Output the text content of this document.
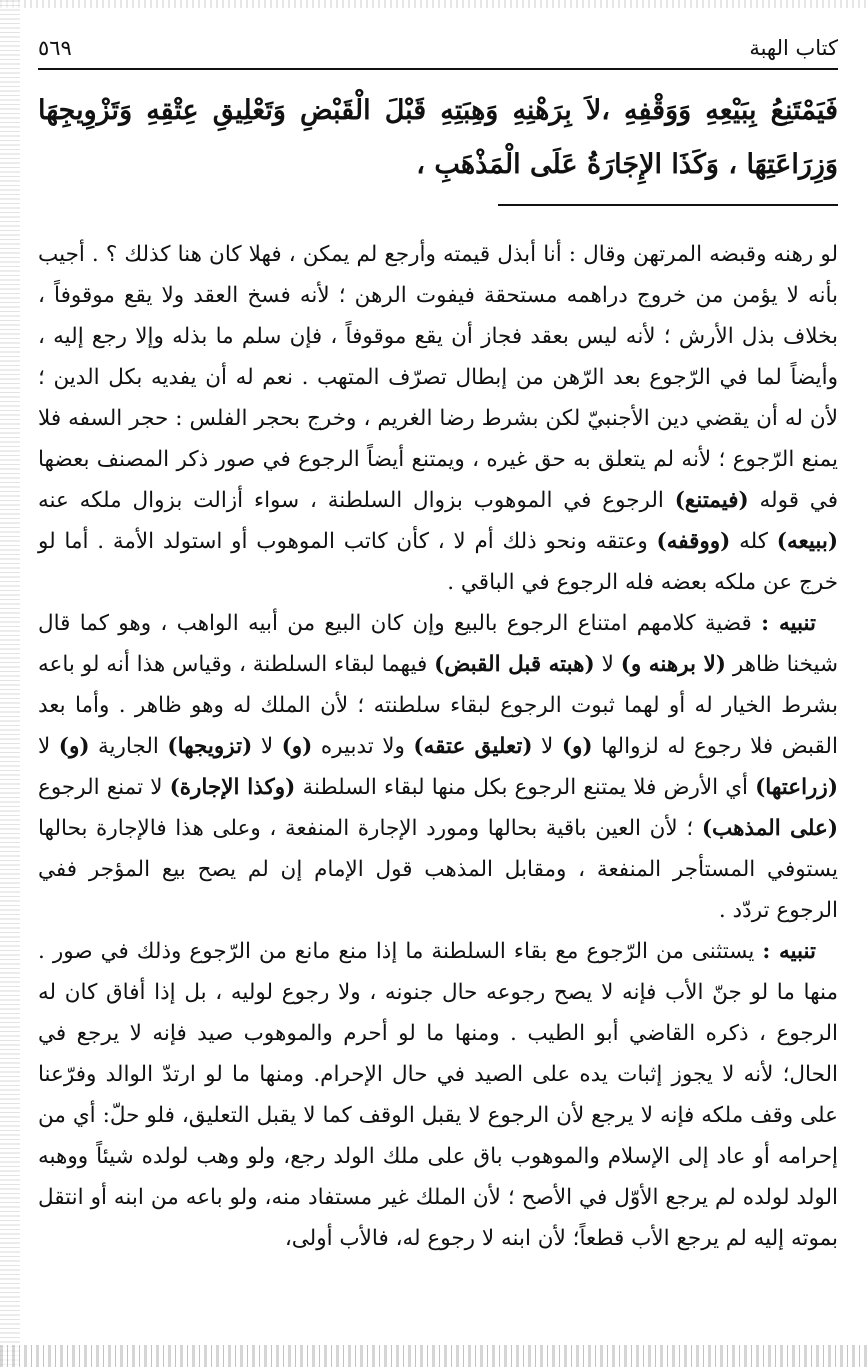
كتاب الهبة
٥٦٩
فَيَمْتَنِعُ بِبَيْعِهِ وَوَقْفِهِ ،لاَ بِرَهْنِهِ وَهِبَتِهِ قَبْلَ الْقَبْضِ وَتَعْلِيقِ عِتْقِهِ وَتَزْوِيجِهَا وَزِرَاعَتِهَا ، وَكَذَا الإِجَارَةُ عَلَى الْمَذْهَبِ ،

لو رهنه وقبضه المرتهن وقال : أنا أبذل قيمته وأرجع لم يمكن ، فهلا كان هنا كذلك ؟ . أجيب بأنه لا يؤمن من خروج دراهمه مستحقة فيفوت الرهن ؛ لأنه فسخ العقد ولا يقع موقوفاً ، بخلاف بذل الأرش ؛ لأنه ليس بعقد فجاز أن يقع موقوفاً ، فإن سلم ما بذله وإلا رجع إليه ، وأيضاً لما في الرّجوع بعد الرّهن من إبطال تصرّف المتهب . نعم له أن يفديه بكل الدين ؛ لأن له أن يقضي دين الأجنبيّ لكن بشرط رضا الغريم ، وخرج بحجر الفلس : حجر السفه فلا يمنع الرّجوع ؛ لأنه لم يتعلق به حق غيره ، ويمتنع أيضاً الرجوع في صور ذكر المصنف بعضها في قوله (فيمتنع) الرجوع في الموهوب بزوال السلطنة ، سواء أزالت بزوال ملكه عنه (ببيعه) كله (ووقفه) وعتقه ونحو ذلك أم لا ، كأن كاتب الموهوب أو استولد الأمة . أما لو خرج عن ملكه بعضه فله الرجوع في الباقي .

تنبيه : قضية كلامهم امتناع الرجوع بالبيع وإن كان البيع من أبيه الواهب ، وهو كما قال شيخنا ظاهر (لا برهنه و) لا (هبته قبل القبض) فيهما لبقاء السلطنة ، وقياس هذا أنه لو باعه بشرط الخيار له أو لهما ثبوت الرجوع لبقاء سلطنته ؛ لأن الملك له وهو ظاهر . وأما بعد القبض فلا رجوع له لزوالها (و) لا (تعليق عتقه) ولا تدبيره (و) لا (تزويجها) الجارية (و) لا (زراعتها) أي الأرض فلا يمتنع الرجوع بكل منها لبقاء السلطنة (وكذا الإجارة) لا تمنع الرجوع (على المذهب) ؛ لأن العين باقية بحالها ومورد الإجارة المنفعة ، وعلى هذا فالإجارة بحالها يستوفي المستأجر المنفعة ، ومقابل المذهب قول الإمام إن لم يصح بيع المؤجر ففي الرجوع تردّد .

تنبيه : يستثنى من الرّجوع مع بقاء السلطنة ما إذا منع مانع من الرّجوع وذلك في صور . منها ما لو جنّ الأب فإنه لا يصح رجوعه حال جنونه ، ولا رجوع لوليه ، بل إذا أفاق كان له الرجوع ، ذكره القاضي أبو الطيب . ومنها ما لو أحرم والموهوب صيد فإنه لا يرجع في الحال؛ لأنه لا يجوز إثبات يده على الصيد في حال الإحرام. ومنها ما لو ارتدّ الوالد وفرّعنا على وقف ملكه فإنه لا يرجع لأن الرجوع لا يقبل الوقف كما لا يقبل التعليق، فلو حلّ: أي من إحرامه أو عاد إلى الإسلام والموهوب باق على ملك الولد رجع، ولو وهب لولده شيئاً ووهبه الولد لولده لم يرجع الأوّل في الأصح ؛ لأن الملك غير مستفاد منه، ولو باعه من ابنه أو انتقل بموته إليه لم يرجع الأب قطعاً؛ لأن ابنه لا رجوع له، فالأب أولى،
